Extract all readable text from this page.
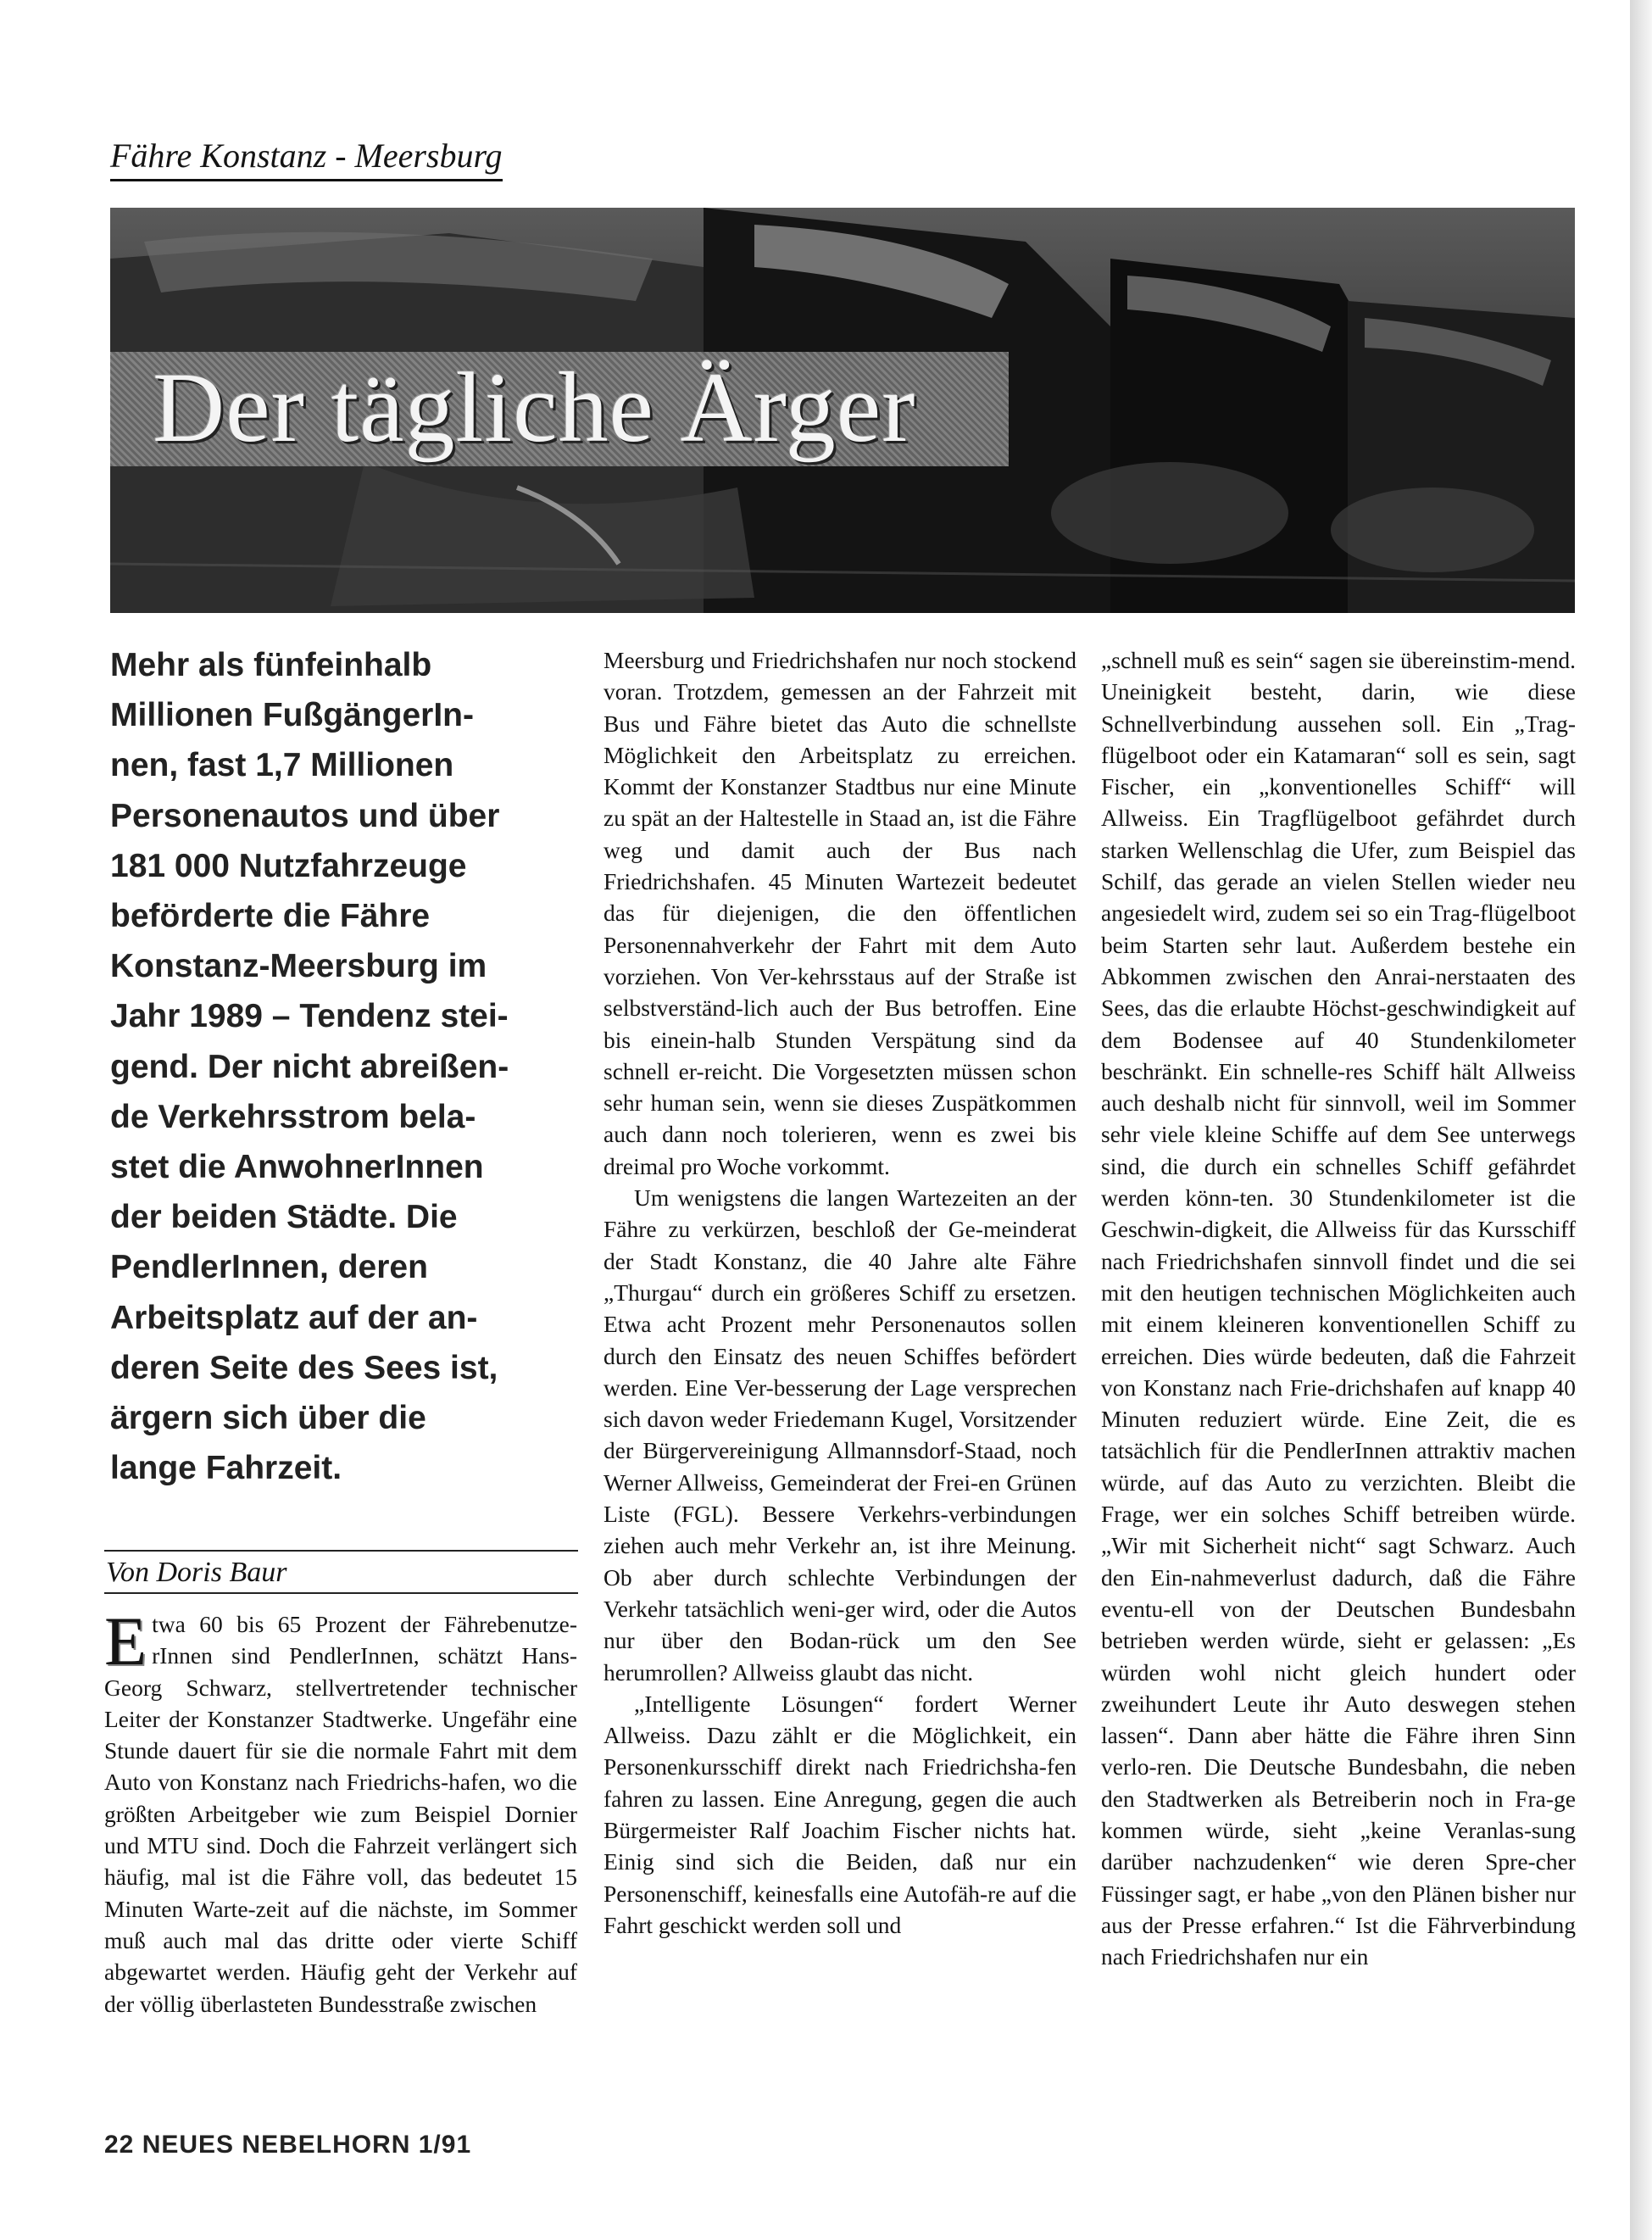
Fähre Konstanz - Meersburg
Der tägliche Ärger
Mehr als fünfeinhalb
Millionen FußgängerIn-
nen, fast 1,7 Millionen
Personenautos und über
181 000 Nutzfahrzeuge
beförderte die Fähre
Konstanz-Meersburg im
Jahr 1989 – Tendenz stei-
gend. Der nicht abreißen-
de Verkehrsstrom bela-
stet die AnwohnerInnen
der beiden Städte. Die
PendlerInnen, deren
Arbeitsplatz auf der an-
deren Seite des Sees ist,
ärgern sich über die
lange Fahrzeit.
Von Doris Baur

Etwa 60 bis 65 Prozent der Fährebenutze-rInnen sind PendlerInnen, schätzt Hans-Georg Schwarz, stellvertretender technischer Leiter der Konstanzer Stadtwerke. Ungefähr eine Stunde dauert für sie die normale Fahrt mit dem Auto von Konstanz nach Friedrichs-hafen, wo die größten Arbeitgeber wie zum Beispiel Dornier und MTU sind. Doch die Fahrzeit verlängert sich häufig, mal ist die Fähre voll, das bedeutet 15 Minuten Warte-zeit auf die nächste, im Sommer muß auch mal das dritte oder vierte Schiff abgewartet werden. Häufig geht der Verkehr auf der völlig überlasteten Bundesstraße zwischen

Meersburg und Friedrichshafen nur noch stockend voran. Trotzdem, gemessen an der Fahrzeit mit Bus und Fähre bietet das Auto die schnellste Möglichkeit den Arbeitsplatz zu erreichen. Kommt der Konstanzer Stadtbus nur eine Minute zu spät an der Haltestelle in Staad an, ist die Fähre weg und damit auch der Bus nach Friedrichshafen. 45 Minuten Wartezeit bedeutet das für diejenigen, die den öffentlichen Personennahverkehr der Fahrt mit dem Auto vorziehen. Von Ver-kehrsstaus auf der Straße ist selbstverständ-lich auch der Bus betroffen. Eine bis einein-halb Stunden Verspätung sind da schnell er-reicht. Die Vorgesetzten müssen schon sehr human sein, wenn sie dieses Zuspätkommen auch dann noch tolerieren, wenn es zwei bis dreimal pro Woche vorkommt.

Um wenigstens die langen Wartezeiten an der Fähre zu verkürzen, beschloß der Ge-meinderat der Stadt Konstanz, die 40 Jahre alte Fähre „Thurgau“ durch ein größeres Schiff zu ersetzen. Etwa acht Prozent mehr Personenautos sollen durch den Einsatz des neuen Schiffes befördert werden. Eine Ver-besserung der Lage versprechen sich davon weder Friedemann Kugel, Vorsitzender der Bürgervereinigung Allmannsdorf-Staad, noch Werner Allweiss, Gemeinderat der Frei-en Grünen Liste (FGL). Bessere Verkehrs-verbindungen ziehen auch mehr Verkehr an, ist ihre Meinung. Ob aber durch schlechte Verbindungen der Verkehr tatsächlich weni-ger wird, oder die Autos nur über den Bodan-rück um den See herumrollen? Allweiss glaubt das nicht.

„Intelligente Lösungen“ fordert Werner Allweiss. Dazu zählt er die Möglichkeit, ein Personenkursschiff direkt nach Friedrichsha-fen fahren zu lassen. Eine Anregung, gegen die auch Bürgermeister Ralf Joachim Fischer nichts hat. Einig sind sich die Beiden, daß nur ein Personenschiff, keinesfalls eine Autofäh-re auf die Fahrt geschickt werden soll und

„schnell muß es sein“ sagen sie übereinstim-mend. Uneinigkeit besteht, darin, wie diese Schnellverbindung aussehen soll. Ein „Trag-flügelboot oder ein Katamaran“ soll es sein, sagt Fischer, ein „konventionelles Schiff“ will Allweiss. Ein Tragflügelboot gefährdet durch starken Wellenschlag die Ufer, zum Beispiel das Schilf, das gerade an vielen Stellen wieder neu angesiedelt wird, zudem sei so ein Trag-flügelboot beim Starten sehr laut. Außerdem bestehe ein Abkommen zwischen den Anrai-nerstaaten des Sees, das die erlaubte Höchst-geschwindigkeit auf dem Bodensee auf 40 Stundenkilometer beschränkt. Ein schnelle-res Schiff hält Allweiss auch deshalb nicht für sinnvoll, weil im Sommer sehr viele kleine Schiffe auf dem See unterwegs sind, die durch ein schnelles Schiff gefährdet werden könn-ten. 30 Stundenkilometer ist die Geschwin-digkeit, die Allweiss für das Kursschiff nach Friedrichshafen sinnvoll findet und die sei mit den heutigen technischen Möglichkeiten auch mit einem kleineren konventionellen Schiff zu erreichen. Dies würde bedeuten, daß die Fahrzeit von Konstanz nach Frie-drichshafen auf knapp 40 Minuten reduziert würde. Eine Zeit, die es tatsächlich für die PendlerInnen attraktiv machen würde, auf das Auto zu verzichten. Bleibt die Frage, wer ein solches Schiff betreiben würde. „Wir mit Sicherheit nicht“ sagt Schwarz. Auch den Ein-nahmeverlust dadurch, daß die Fähre eventu-ell von der Deutschen Bundesbahn betrieben werden würde, sieht er gelassen: „Es würden wohl nicht gleich hundert oder zweihundert Leute ihr Auto deswegen stehen lassen“. Dann aber hätte die Fähre ihren Sinn verlo-ren. Die Deutsche Bundesbahn, die neben den Stadtwerken als Betreiberin noch in Fra-ge kommen würde, sieht „keine Veranlas-sung darüber nachzudenken“ wie deren Spre-cher Füssinger sagt, er habe „von den Plänen bisher nur aus der Presse erfahren.“ Ist die Fährverbindung nach Friedrichshafen nur ein

22 NEUES NEBELHORN 1/91
